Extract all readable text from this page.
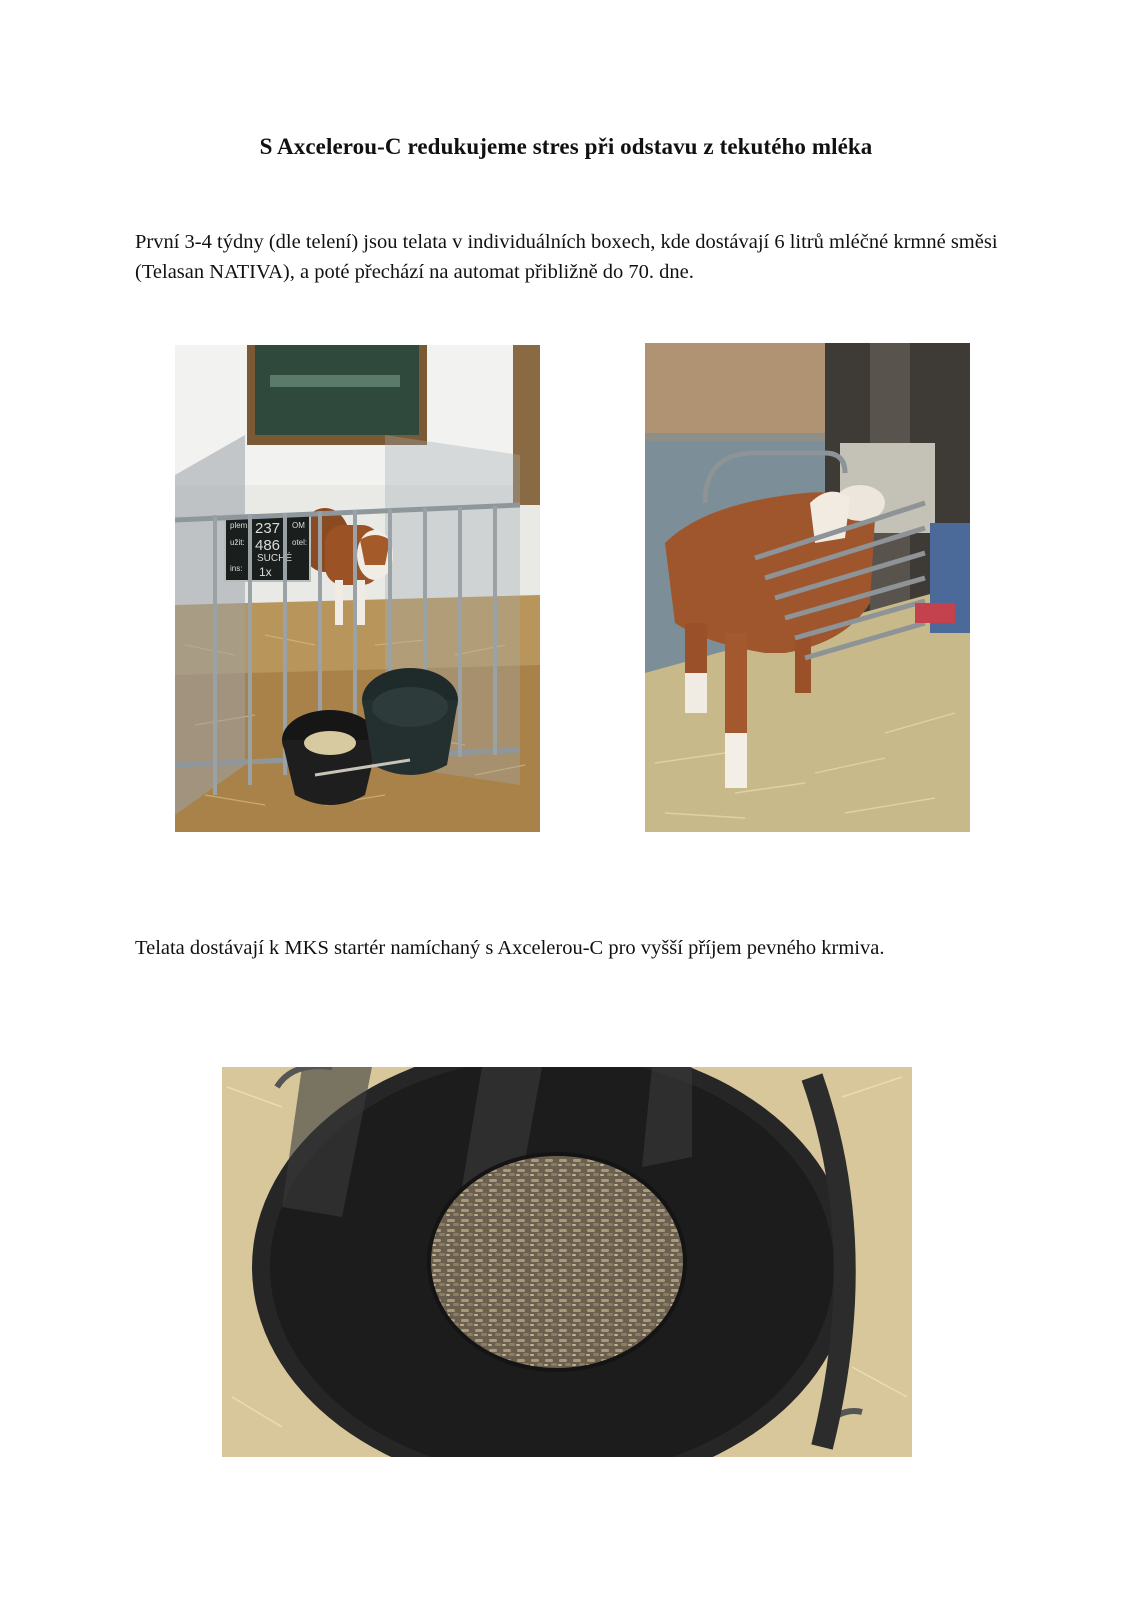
S Axcelerou-C redukujeme stres při odstavu z tekutého mléka

První 3-4 týdny (dle telení) jsou telata v individuálních boxech, kde dostávají 6 litrů mléčné krmné směsi (Telasan NATIVA), a poté přechází na automat přibližně do 70. dne.

plem: 237 OM
užit: 486 otel:
SUCHÉ
ins: 1x

Telata dostávají k MKS startér namíchaný s Axcelerou-C pro vyšší příjem pevného krmiva.
